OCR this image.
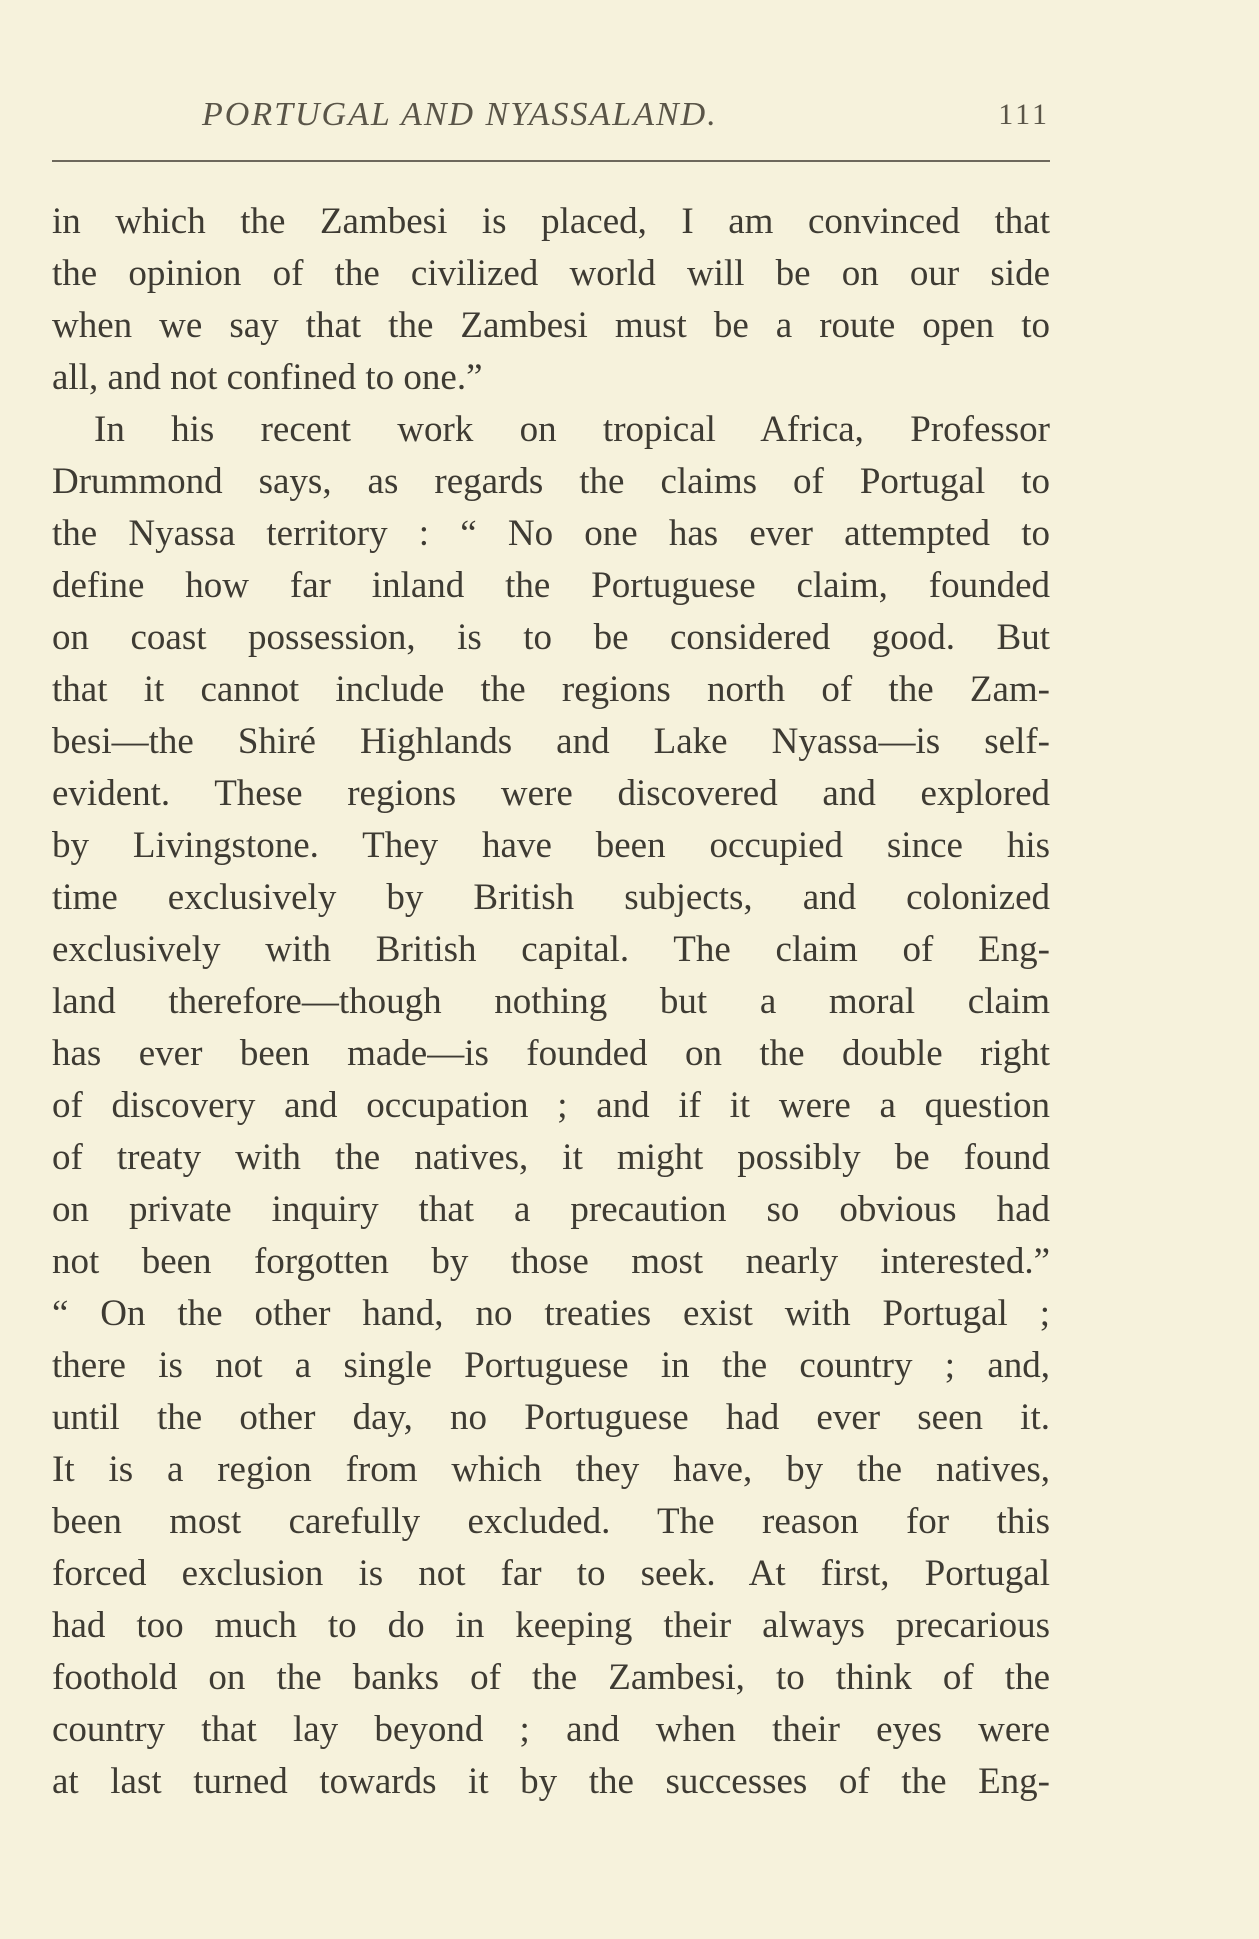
PORTUGAL AND NYASSALAND.	111
in which the Zambesi is placed, I am convinced that
the opinion of the civilized world will be on our side
when we say that the Zambesi must be a route open to
all, and not confined to one.”
In his recent work on tropical Africa, Professor
Drummond says, as regards the claims of Portugal to
the Nyassa territory : “ No one has ever attempted to
define how far inland the Portuguese claim, founded
on coast possession, is to be considered good. But
that it cannot include the regions north of the Zam-
besi—the Shiré Highlands and Lake Nyassa—is self-
evident. These regions were discovered and explored
by Livingstone. They have been occupied since his
time exclusively by British subjects, and colonized
exclusively with British capital. The claim of Eng-
land therefore—though nothing but a moral claim
has ever been made—is founded on the double right
of discovery and occupation ; and if it were a question
of treaty with the natives, it might possibly be found
on private inquiry that a precaution so obvious had
not been forgotten by those most nearly interested.”
“ On the other hand, no treaties exist with Portugal ;
there is not a single Portuguese in the country ; and,
until the other day, no Portuguese had ever seen it.
It is a region from which they have, by the natives,
been most carefully excluded. The reason for this
forced exclusion is not far to seek. At first, Portugal
had too much to do in keeping their always precarious
foothold on the banks of the Zambesi, to think of the
country that lay beyond ; and when their eyes were
at last turned towards it by the successes of the Eng-
